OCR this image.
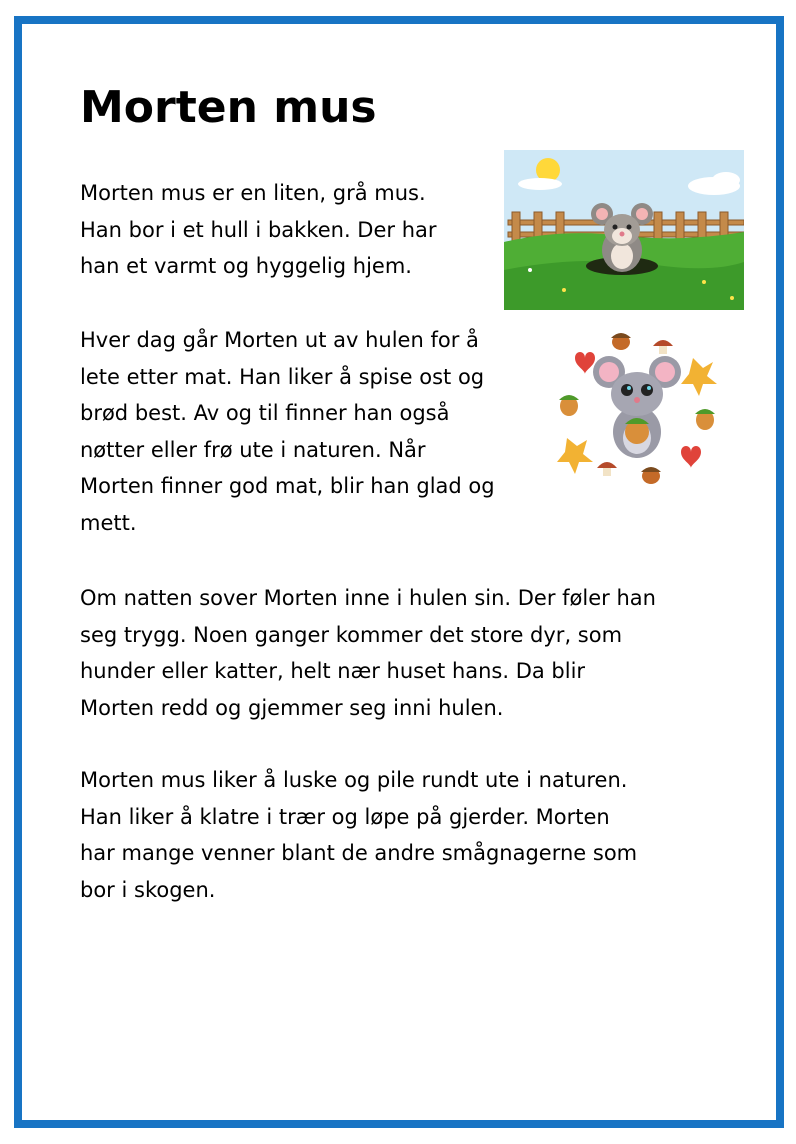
Morten mus

Morten mus er en liten, grå mus.
Han bor i et hull i bakken. Der har
han et varmt og hyggelig hjem.

Hver dag går Morten ut av hulen for å
lete etter mat. Han liker å spise ost og
brød best. Av og til finner han også
nøtter eller frø ute i naturen. Når
Morten finner god mat, blir han glad og
mett.

Om natten sover Morten inne i hulen sin. Der føler han
seg trygg. Noen ganger kommer det store dyr, som
hunder eller katter, helt nær huset hans. Da blir
Morten redd og gjemmer seg inni hulen.

Morten mus liker å luske og pile rundt ute i naturen.
Han liker å klatre i trær og løpe på gjerder. Morten
har mange venner blant de andre smågnagerne som
bor i skogen.
